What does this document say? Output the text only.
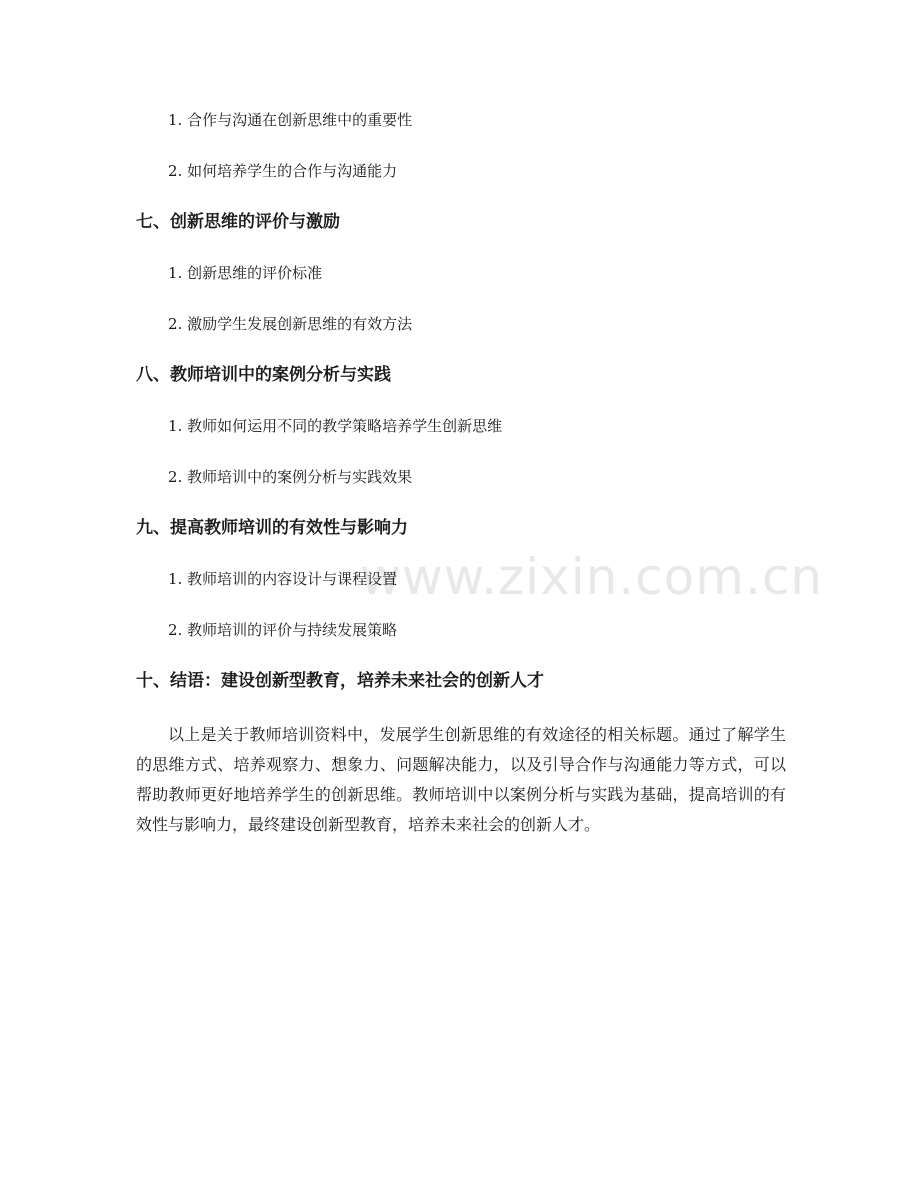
www.zixin.com.cn
1. 合作与沟通在创新思维中的重要性
2. 如何培养学生的合作与沟通能力
七、创新思维的评价与激励
1. 创新思维的评价标准
2. 激励学生发展创新思维的有效方法
八、教师培训中的案例分析与实践
1. 教师如何运用不同的教学策略培养学生创新思维
2. 教师培训中的案例分析与实践效果
九、提高教师培训的有效性与影响力
1. 教师培训的内容设计与课程设置
2. 教师培训的评价与持续发展策略
十、结语：建设创新型教育，培养未来社会的创新人才
以上是关于教师培训资料中，发展学生创新思维的有效途径的相关标题。通过了解学生的思维方式、培养观察力、想象力、问题解决能力，以及引导合作与沟通能力等方式，可以帮助教师更好地培养学生的创新思维。教师培训中以案例分析与实践为基础，提高培训的有效性与影响力，最终建设创新型教育，培养未来社会的创新人才。
